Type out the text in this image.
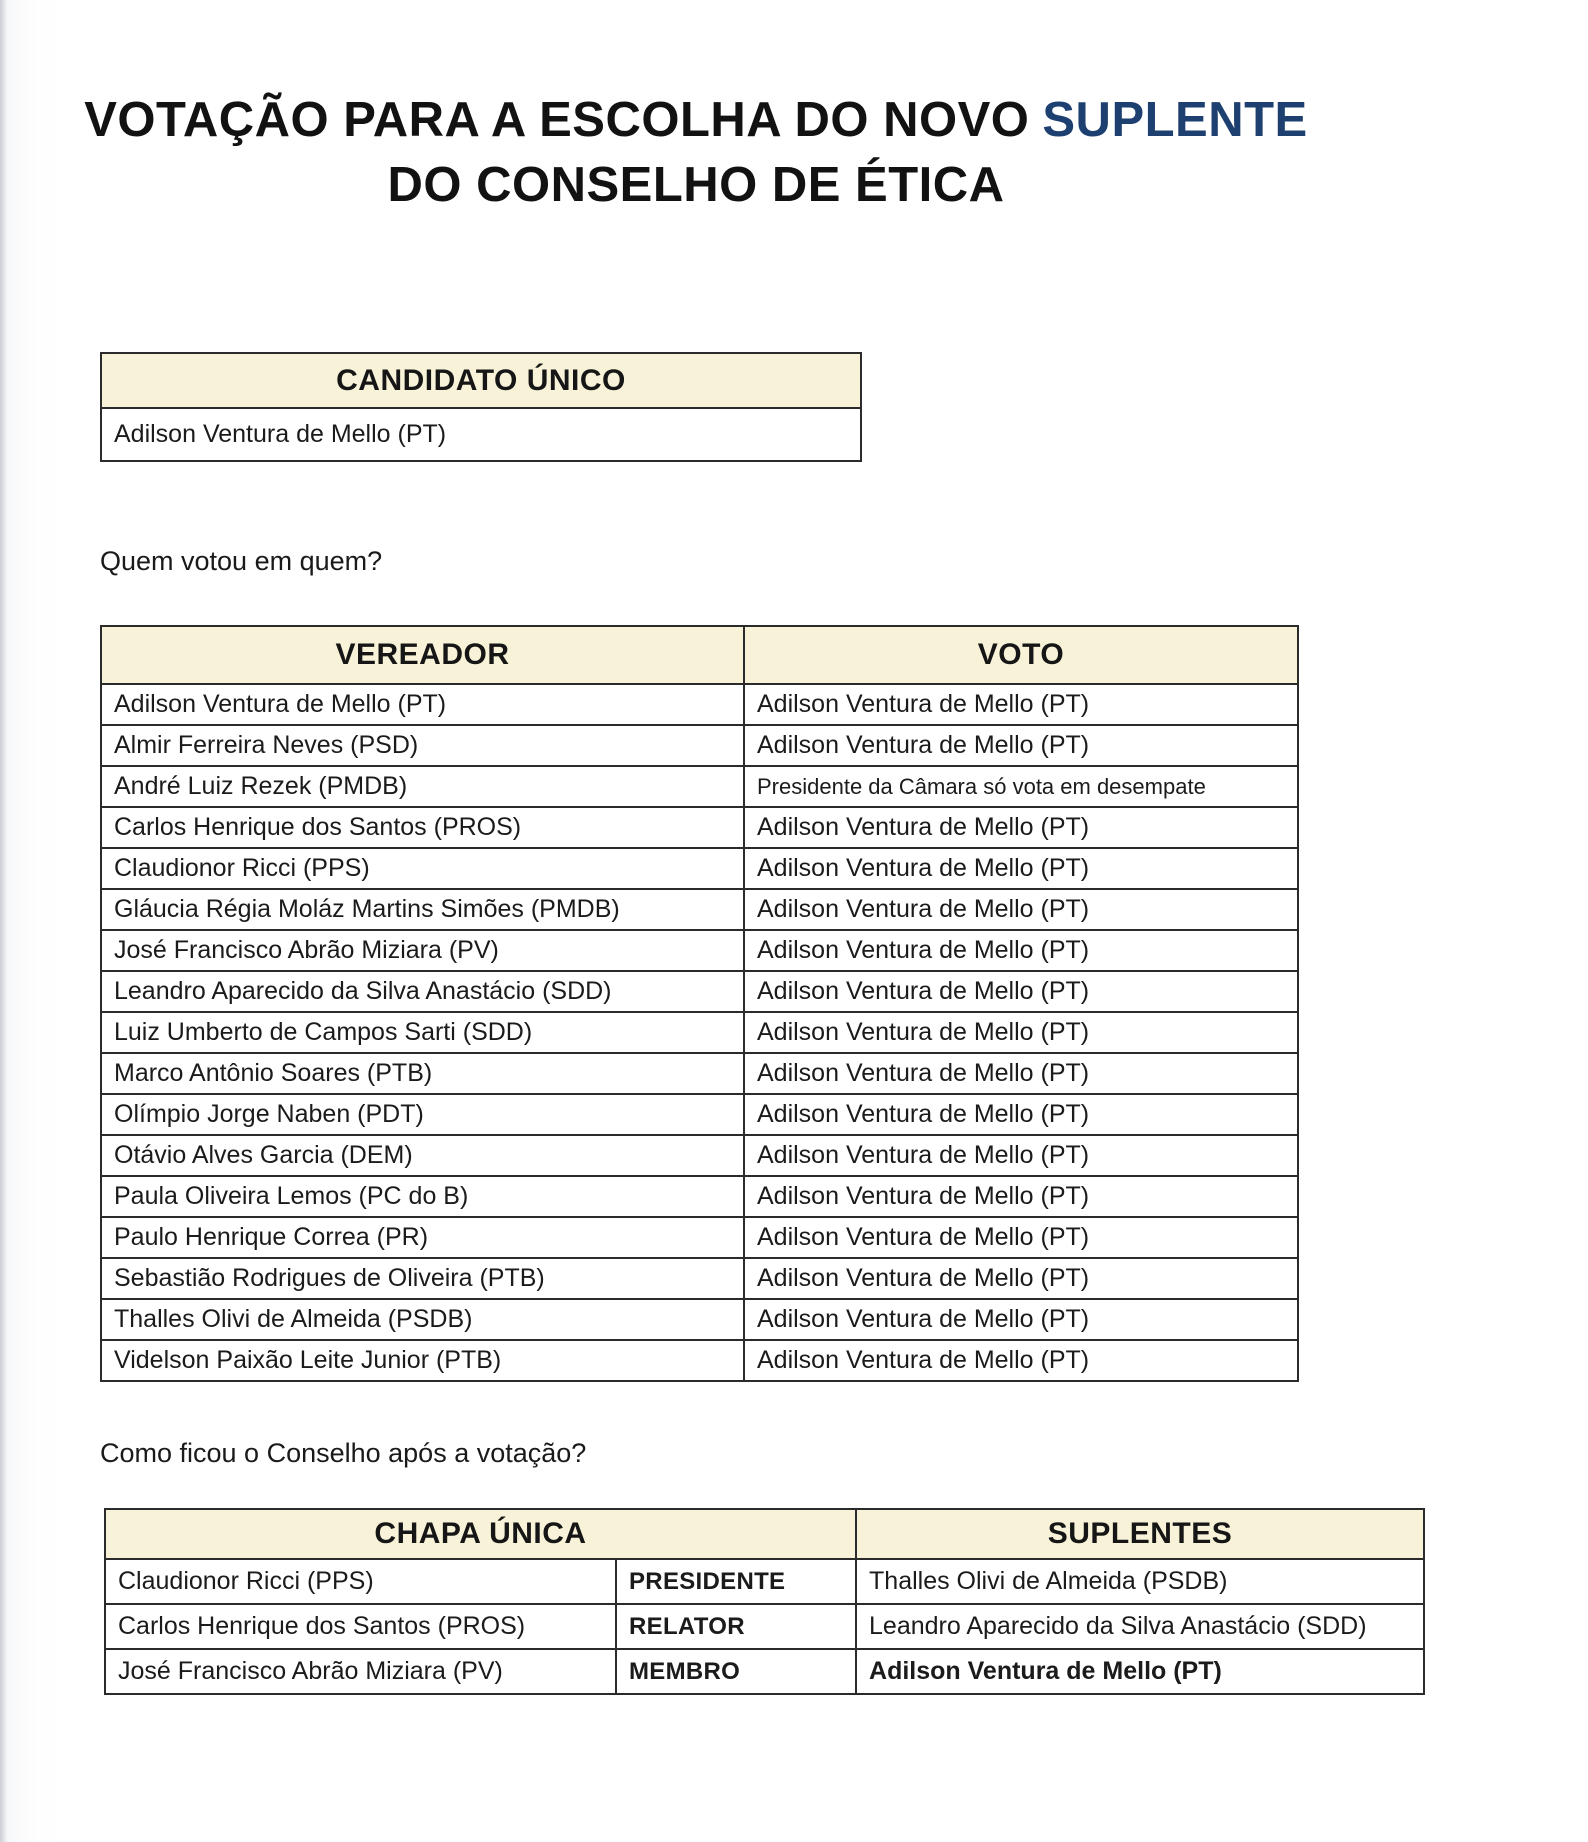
VOTAÇÃO PARA A ESCOLHA DO NOVO SUPLENTE
DO CONSELHO DE ÉTICA
CANDIDATO ÚNICO
Adilson Ventura de Mello (PT)
Quem votou em quem?
VEREADOR	VOTO
Adilson Ventura de Mello (PT)	Adilson Ventura de Mello (PT)
Almir Ferreira Neves (PSD)	Adilson Ventura de Mello (PT)
André Luiz Rezek (PMDB)	Presidente da Câmara só vota em desempate
Carlos Henrique dos Santos (PROS)	Adilson Ventura de Mello (PT)
Claudionor Ricci (PPS)	Adilson Ventura de Mello (PT)
Gláucia Régia Moláz Martins Simões (PMDB)	Adilson Ventura de Mello (PT)
José Francisco Abrão Miziara (PV)	Adilson Ventura de Mello (PT)
Leandro Aparecido da Silva Anastácio (SDD)	Adilson Ventura de Mello (PT)
Luiz Umberto de Campos Sarti (SDD)	Adilson Ventura de Mello (PT)
Marco Antônio Soares (PTB)	Adilson Ventura de Mello (PT)
Olímpio Jorge Naben (PDT)	Adilson Ventura de Mello (PT)
Otávio Alves Garcia (DEM)	Adilson Ventura de Mello (PT)
Paula Oliveira Lemos (PC do B)	Adilson Ventura de Mello (PT)
Paulo Henrique Correa (PR)	Adilson Ventura de Mello (PT)
Sebastião Rodrigues de Oliveira (PTB)	Adilson Ventura de Mello (PT)
Thalles Olivi de Almeida (PSDB)	Adilson Ventura de Mello (PT)
Videlson Paixão Leite Junior (PTB)	Adilson Ventura de Mello (PT)
Como ficou o Conselho após a votação?
CHAPA ÚNICA		SUPLENTES
Claudionor Ricci (PPS)	PRESIDENTE	Thalles Olivi de Almeida (PSDB)
Carlos Henrique dos Santos (PROS)	RELATOR	Leandro Aparecido da Silva Anastácio (SDD)
José Francisco Abrão Miziara (PV)	MEMBRO	Adilson Ventura de Mello (PT)
